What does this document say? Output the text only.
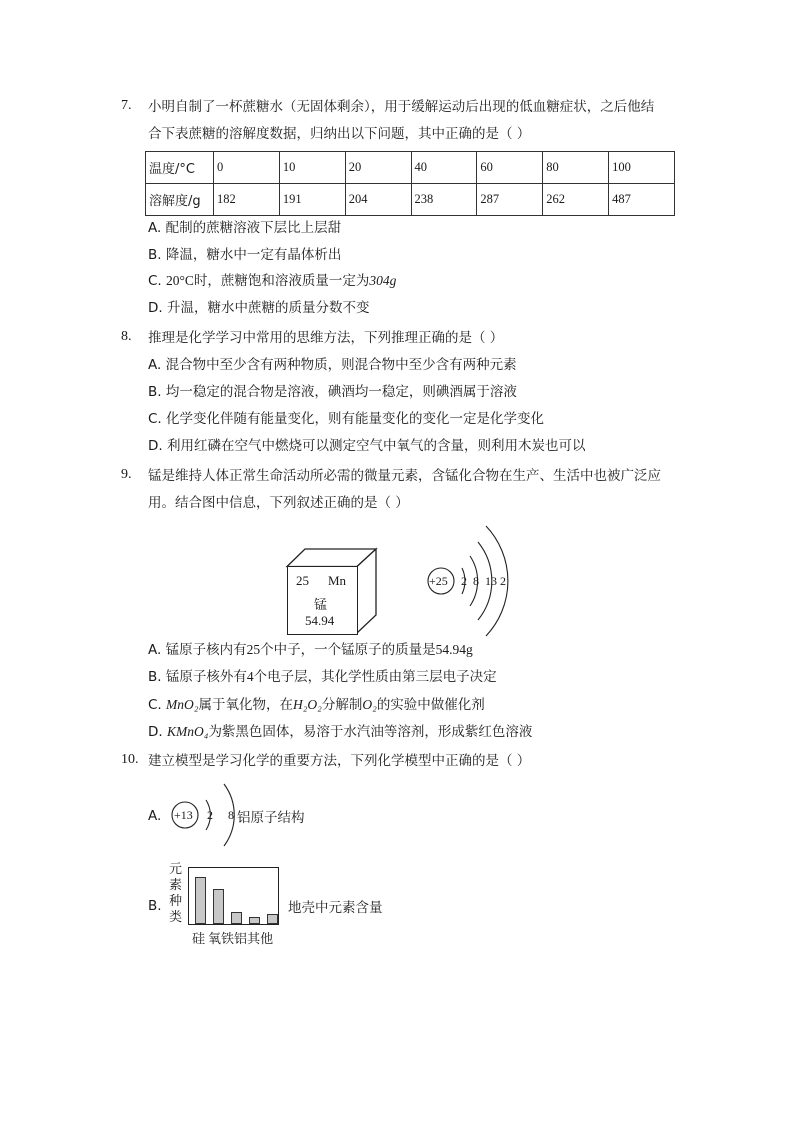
7. 小明自制了一杯蔗糖水（无固体剩余），用于缓解运动后出现的低血糖症状，之后他结
合下表蔗糖的溶解度数据，归纳出以下问题，其中正确的是（ ）
温度/°C	0	10	20	40	60	80	100
溶解度/g	182	191	204	238	287	262	487
A. 配制的蔗糖溶液下层比上层甜
B. 降温，糖水中一定有晶体析出
C. 20°C时，蔗糖饱和溶液质量一定为304g
D. 升温，糖水中蔗糖的质量分数不变
8. 推理是化学学习中常用的思维方法，下列推理正确的是（ ）
A. 混合物中至少含有两种物质，则混合物中至少含有两种元素
B. 均一稳定的混合物是溶液，碘酒均一稳定，则碘酒属于溶液
C. 化学变化伴随有能量变化，则有能量变化的变化一定是化学变化
D. 利用红磷在空气中燃烧可以测定空气中氧气的含量，则利用木炭也可以
9. 锰是维持人体正常生命活动所必需的微量元素，含锰化合物在生产、生活中也被广泛应
用。结合图中信息，下列叙述正确的是（ ）
25 Mn
锰
54.94
+25 2 8 13 2
A. 锰原子核内有25个中子，一个锰原子的质量是54.94g
B. 锰原子核外有4个电子层，其化学性质由第三层电子决定
C. MnO₂属于氧化物，在H₂O₂分解制O₂的实验中做催化剂
D. KMnO₄为紫黑色固体，易溶于水汽油等溶剂，形成紫红色溶液
10. 建立模型是学习化学的重要方法，下列化学模型中正确的是（ ）
A. +13 2 8 铝原子结构
B.
元
素
种
类
硅 氧铁铝其他
地壳中元素含量
